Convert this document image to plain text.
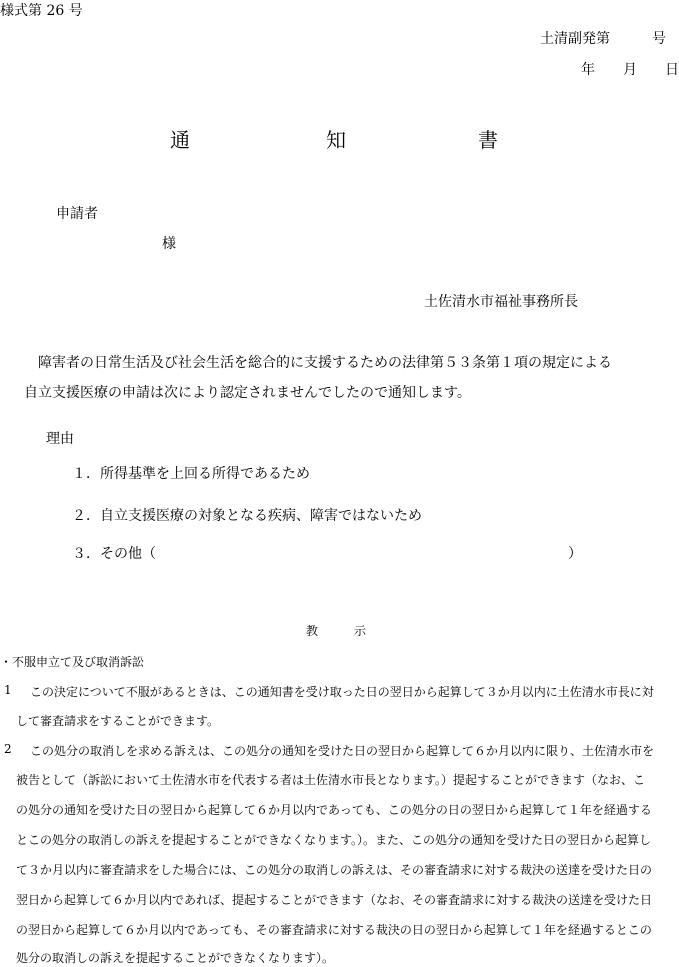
様式第 26 号
土清副発第　　　号
年　　月　　日
通	知	書
申請者
様
土佐清水市福祉事務所長
障害者の日常生活及び社会生活を総合的に支援するための法律第５３条第１項の規定による
自立支援医療の申請は次により認定されませんでしたので通知します。
理由
１．所得基準を上回る所得であるため
２．自立支援医療の対象となる疾病、障害ではないため
３．その他（	）
教　　　示
・不服申立て及び取消訴訟
1 この決定について不服があるときは、この通知書を受け取った日の翌日から起算して３か月以内に土佐清水市長に対
して審査請求をすることができます。
2 この処分の取消しを求める訴えは、この処分の通知を受けた日の翌日から起算して６か月以内に限り、土佐清水市を
被告として（訴訟において土佐清水市を代表する者は土佐清水市長となります。）提起することができます（なお、こ
の処分の通知を受けた日の翌日から起算して６か月以内であっても、この処分の日の翌日から起算して１年を経過する
とこの処分の取消しの訴えを提起することができなくなります。）。また、この処分の通知を受けた日の翌日から起算し
て３か月以内に審査請求をした場合には、この処分の取消しの訴えは、その審査請求に対する裁決の送達を受けた日の
翌日から起算して６か月以内であれば、提起することができます（なお、その審査請求に対する裁決の送達を受けた日
の翌日から起算して６か月以内であっても、その審査請求に対する裁決の日の翌日から起算して１年を経過するとこの
処分の取消しの訴えを提起することができなくなります）。
